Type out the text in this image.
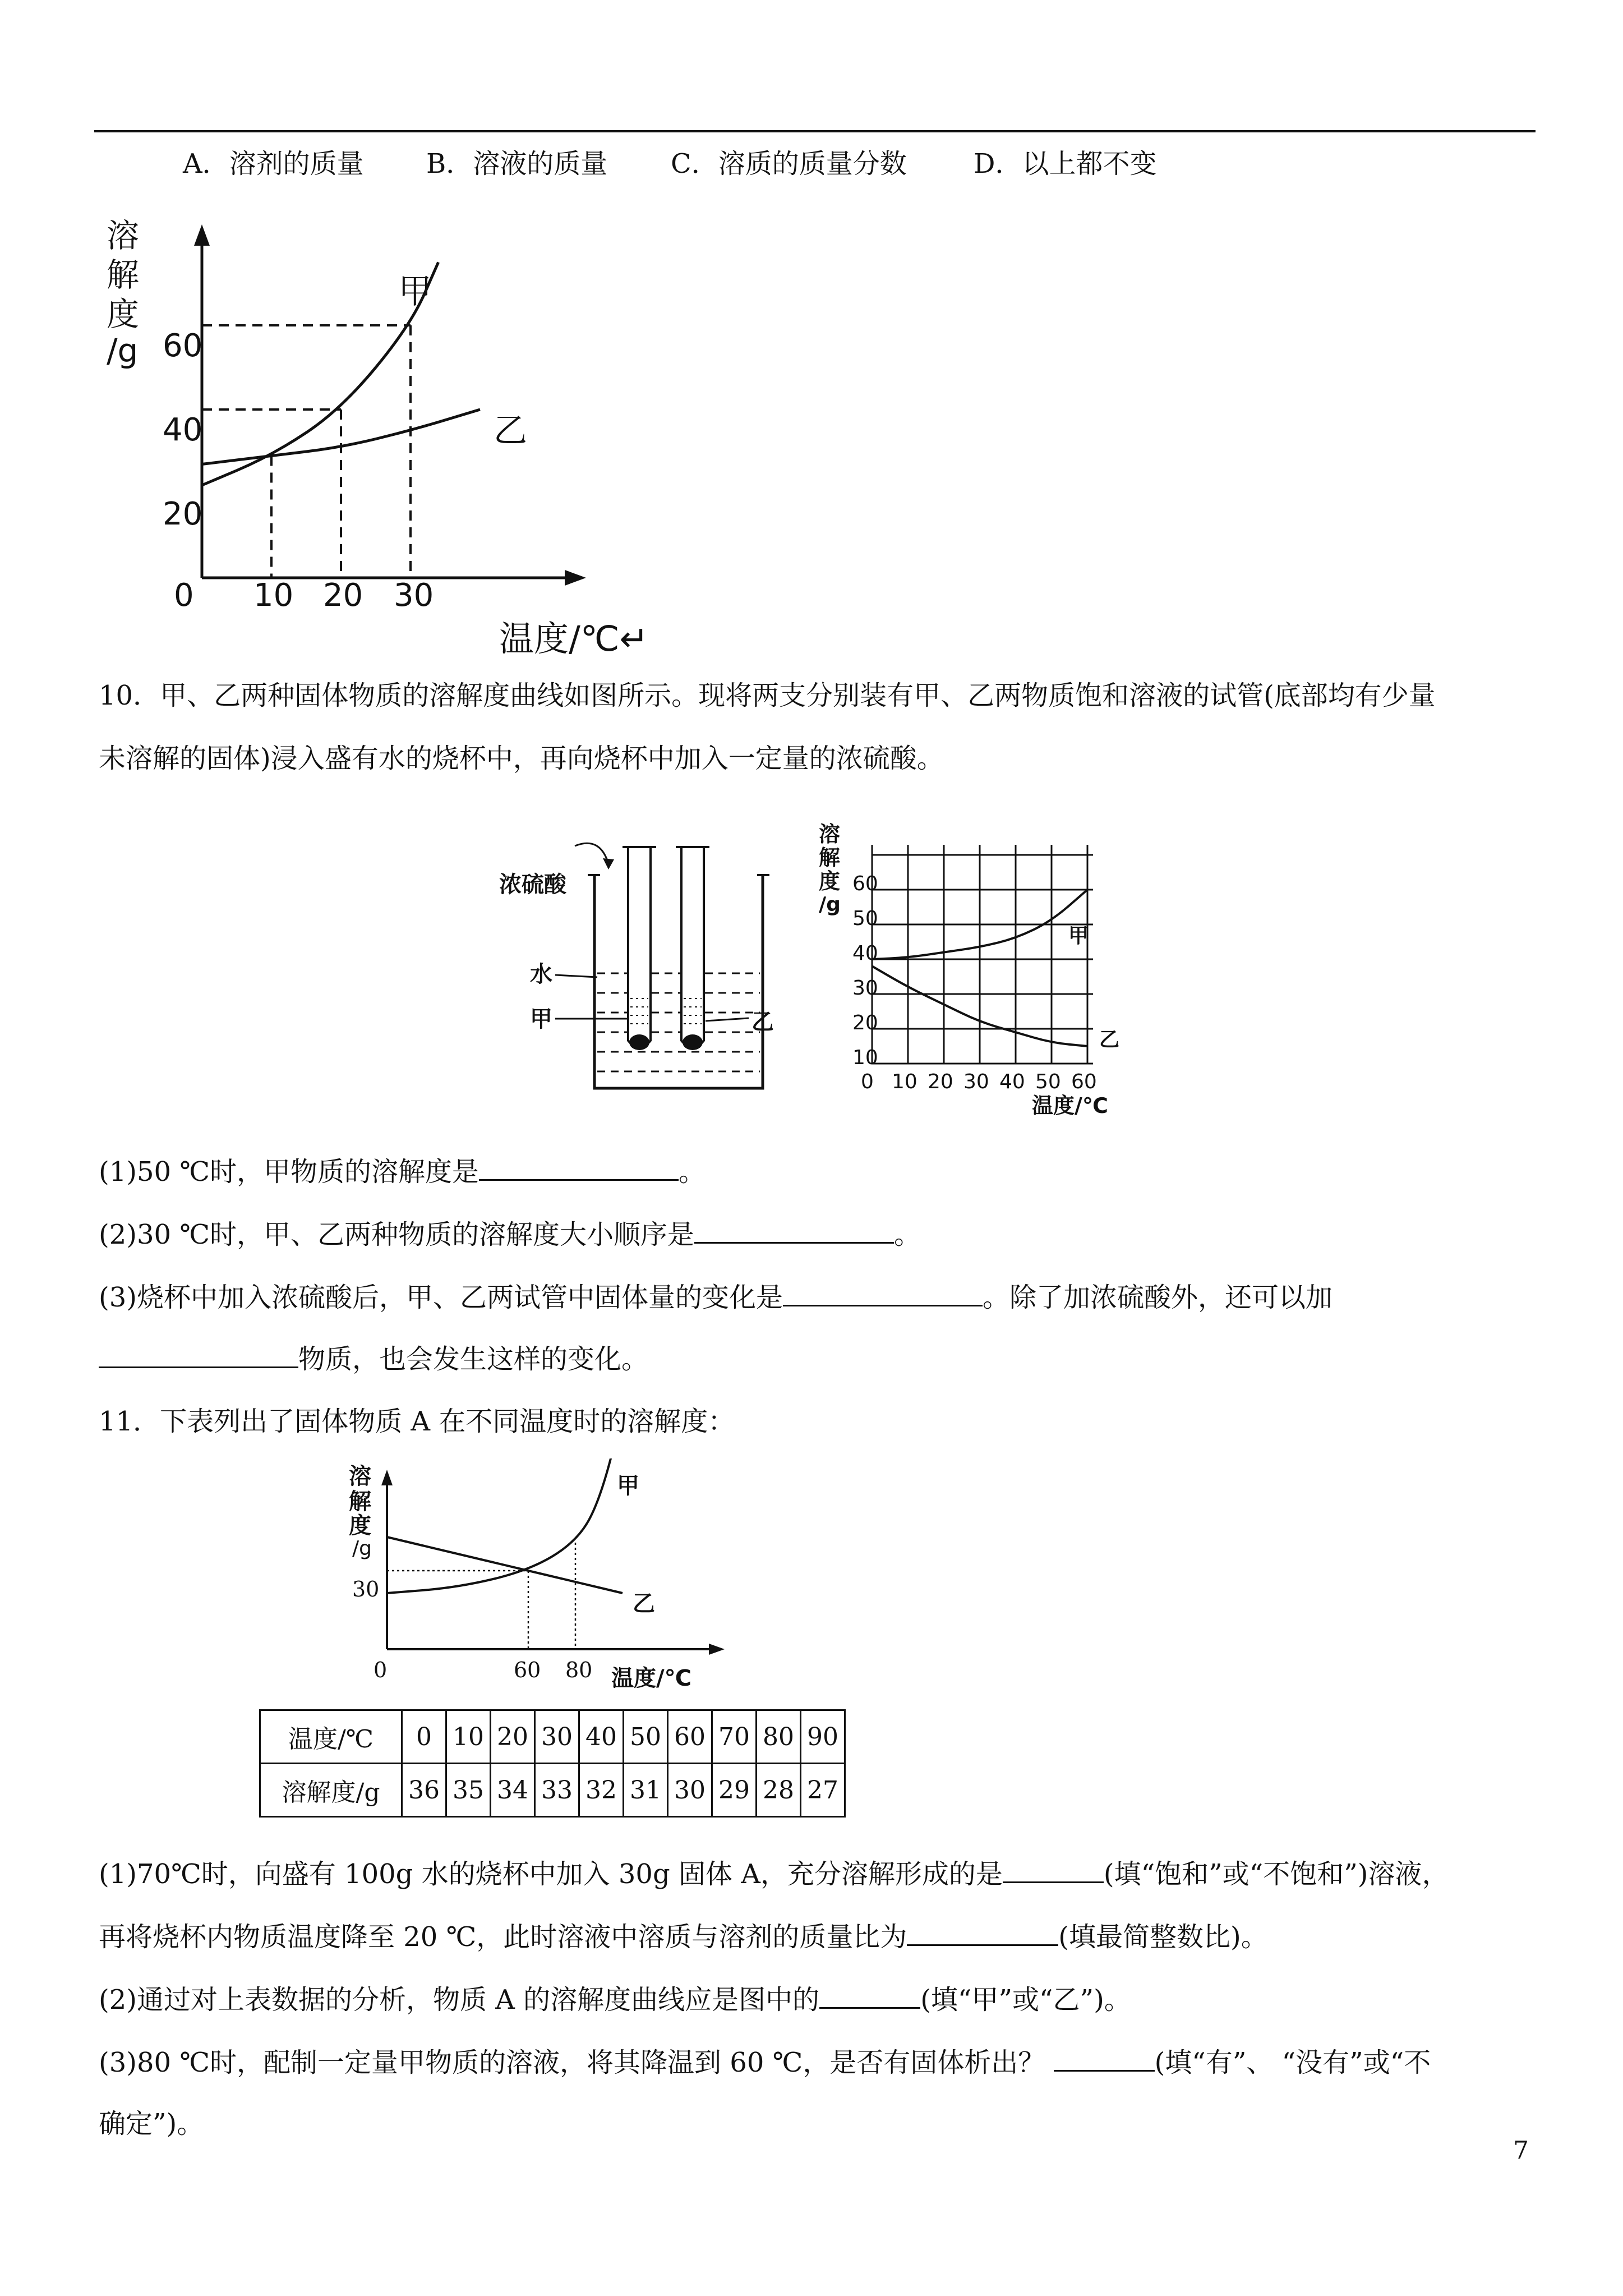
A．溶剂的质量 B．溶液的质量 C．溶质的质量分数 D．以上都不变
溶
解
度
/g
20
40
60
0 10 20 30
甲
乙
温度/℃↵
10．甲、乙两种固体物质的溶解度曲线如图所示。现将两支分别装有甲、乙两物质饱和溶液的试管(底部均有少量
未溶解的固体)浸入盛有水的烧杯中，再向烧杯中加入一定量的浓硫酸。
浓硫酸
水
甲	乙
溶
解
度
/g
10
20
30
40
50
60
0 10 20 30 40 50 60
温度/℃
甲
乙
(1)50 ℃时，甲物质的溶解度是	。
(2)30 ℃时，甲、乙两种物质的溶解度大小顺序是	。
(3)烧杯中加入浓硫酸后，甲、乙两试管中固体量的变化是	。除了加浓硫酸外，还可以加
物质，也会发生这样的变化。
11．下表列出了固体物质 A 在不同温度时的溶解度：
溶
解
度
/g
30
0	60 80 温度/℃
甲
乙
温度/℃	0	10	20	30	40	50	60	70	80	90
溶解度/g	36	35	34	33	32	31	30	29	28	27
(1)70℃时，向盛有 100g 水的烧杯中加入 30g 固体 A，充分溶解形成的是	(填“饱和”或“不饱和”)溶液，
再将烧杯内物质温度降至 20 ℃，此时溶液中溶质与溶剂的质量比为	(填最简整数比)。
(2)通过对上表数据的分析，物质 A 的溶解度曲线应是图中的	(填“甲”或“乙”)。
(3)80 ℃时，配制一定量甲物质的溶液，将其降温到 60 ℃，是否有固体析出？	(填“有”、 “没有”或“不
确定”)。
7
